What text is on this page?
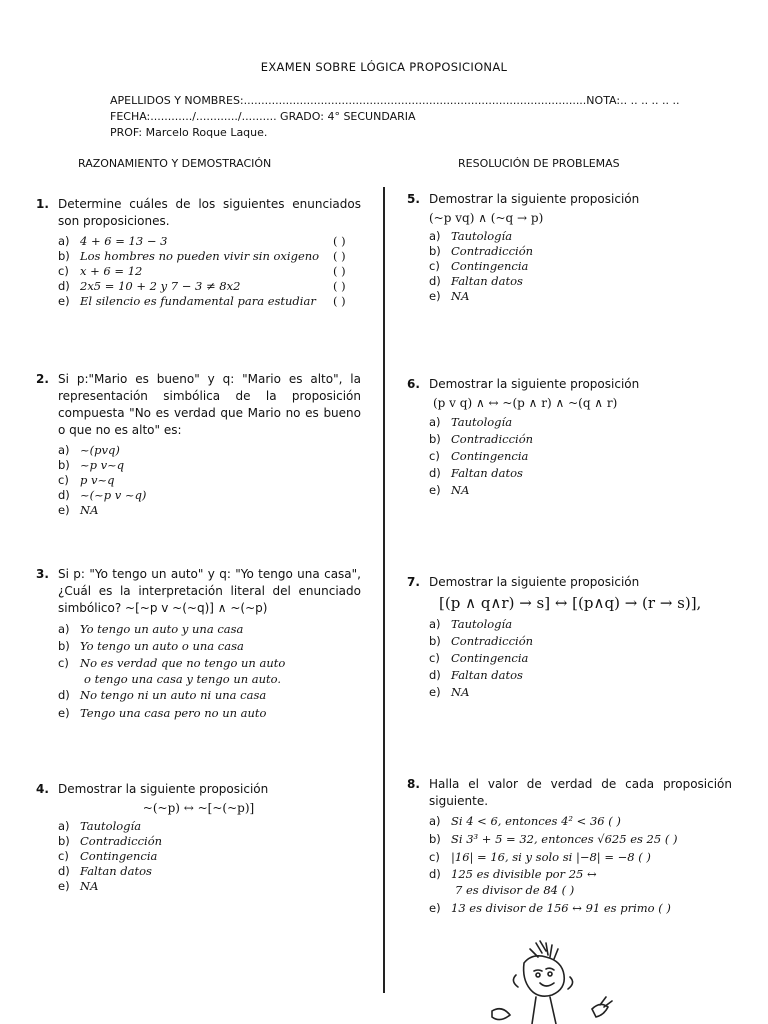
EXAMEN SOBRE LÓGICA PROPOSICIONAL
APELLIDOS Y NOMBRES:..................................................................................................NOTA:.. .. .. .. .. ..
FECHA:............/............/.......... GRADO: 4° SECUNDARIA
PROF: Marcelo Roque Laque.
RAZONAMIENTO Y DEMOSTRACIÓN	RESOLUCIÓN DE PROBLEMAS
1. Determine cuáles de los siguientes enunciados son proposiciones.
a) 4 + 6 = 13 − 3	( )
b) Los hombres no pueden vivir sin oxigeno	( )
c) x + 6 = 12	( )
d) 2x5 = 10 + 2 y 7 − 3 ≠ 8x2	( )
e) El silencio es fundamental para estudiar	( )
2. Si p:"Mario es bueno" y q: "Mario es alto", la representación simbólica de la proposición compuesta "No es verdad que Mario no es bueno o que no es alto" es:
a) ~(pvq)
b) ~p v~q
c) p v~q
d) ~(~p v ~q)
e) NA
3. Si p: "Yo tengo un auto" y q: "Yo tengo una casa", ¿Cuál es la interpretación literal del enunciado simbólico? ~[~p v ~(~q)] ∧ ~(~p)
a) Yo tengo un auto y una casa
b) Yo tengo un auto o una casa
c) No es verdad que no tengo un auto
o tengo una casa y tengo un auto.
d) No tengo ni un auto ni una casa
e) Tengo una casa pero no un auto
4. Demostrar la siguiente proposición
~(~p) ↔ ~[~(~p)]
a) Tautología
b) Contradicción
c) Contingencia
d) Faltan datos
e) NA
5. Demostrar la siguiente proposición
(~p vq) ∧ (~q → p)
a) Tautología
b) Contradicción
c) Contingencia
d) Faltan datos
e) NA
6. Demostrar la siguiente proposición
(p v q) ∧ ↔ ~(p ∧ r) ∧ ~(q ∧ r)
a) Tautología
b) Contradicción
c) Contingencia
d) Faltan datos
e) NA
7. Demostrar la siguiente proposición
[(p ∧ q∧r) → s] ↔ [(p∧q) → (r → s)],
a) Tautología
b) Contradicción
c) Contingencia
d) Faltan datos
e) NA
8. Halla el valor de verdad de cada proposición siguiente.
a) Si 4 < 6, entonces 4² < 36 ( )
b) Si 3³ + 5 = 32, entonces √625 es 25 ( )
c) |16| = 16, si y solo si |−8| = −8 ( )
d) 125 es divisible por 25 ↔
7 es divisor de 84 ( )
e) 13 es divisor de 156 ↔ 91 es primo ( )
